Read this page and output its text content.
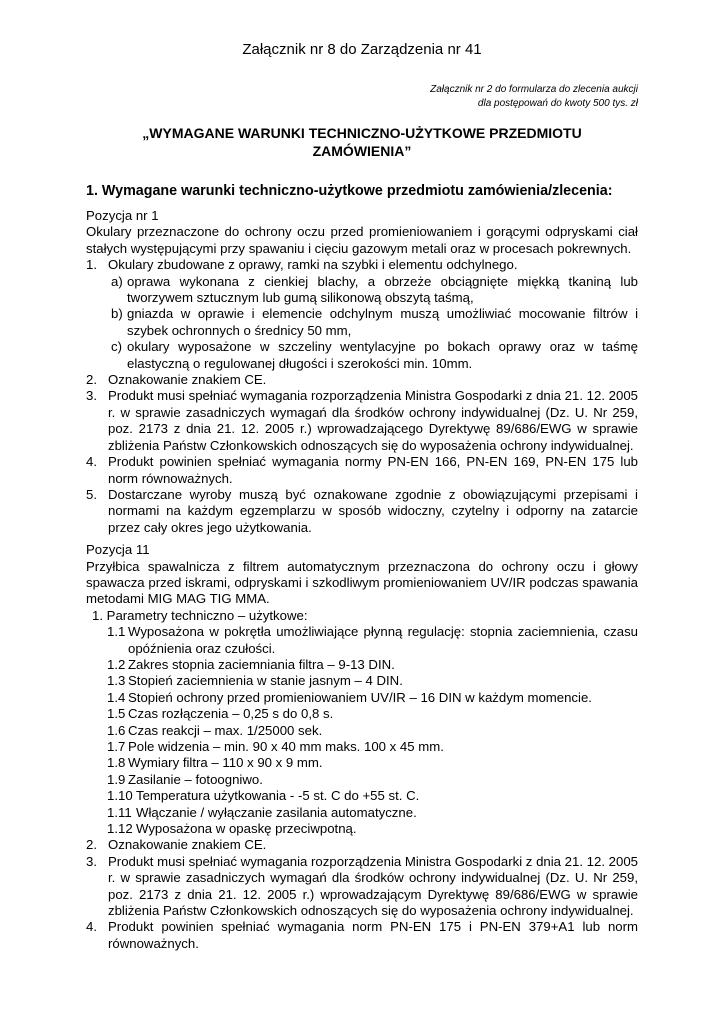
Załącznik nr 8 do Zarządzenia nr 41
Załącznik nr 2 do formularza do zlecenia aukcji
dla postępowań do kwoty 500 tys. zł
„WYMAGANE WARUNKI TECHNICZNO-UŻYTKOWE PRZEDMIOTU
ZAMÓWIENIA”
1. Wymagane warunki techniczno-użytkowe przedmiotu zamówienia/zlecenia:

Pozycja nr 1

Okulary przeznaczone do ochrony oczu przed promieniowaniem i gorącymi odpryskami ciał stałych występującymi przy spawaniu i cięciu gazowym metali oraz w procesach pokrewnych.

1. Okulary zbudowane z oprawy, ramki na szybki i elementu odchylnego.
a) oprawa wykonana z cienkiej blachy, a obrzeże obciągnięte miękką tkaniną lub tworzywem sztucznym lub gumą silikonową obszytą taśmą,
b) gniazda w oprawie i elemencie odchylnym muszą umożliwiać mocowanie filtrów i szybek ochronnych o średnicy 50 mm,
c) okulary wyposażone w szczeliny wentylacyjne po bokach oprawy oraz w taśmę elastyczną o regulowanej długości i szerokości min. 10mm.
2. Oznakowanie znakiem CE.
3. Produkt musi spełniać wymagania rozporządzenia Ministra Gospodarki z dnia 21. 12. 2005 r. w sprawie zasadniczych wymagań dla środków ochrony indywidualnej (Dz. U. Nr 259, poz. 2173 z dnia 21. 12. 2005 r.) wprowadzającego Dyrektywę 89/686/EWG w sprawie zbliżenia Państw Członkowskich odnoszących się do wyposażenia ochrony indywidualnej.
4. Produkt powinien spełniać wymagania normy PN-EN 166, PN-EN 169, PN-EN 175 lub norm równoważnych.
5. Dostarczane wyroby muszą być oznakowane zgodnie z obowiązującymi przepisami i normami na każdym egzemplarzu w sposób widoczny, czytelny i odporny na zatarcie przez cały okres jego użytkowania.

Pozycja 11

Przyłbica spawalnicza z filtrem automatycznym przeznaczona do ochrony oczu i głowy spawacza przed iskrami, odpryskami i szkodliwym promieniowaniem UV/IR podczas spawania metodami MIG MAG TIG MMA.

1. Parametry techniczno – użytkowe:
1.1 Wyposażona w pokrętła umożliwiające płynną regulację: stopnia zaciemnienia, czasu opóźnienia oraz czułości.
1.2 Zakres stopnia zaciemniania filtra – 9-13 DIN.
1.3 Stopień zaciemnienia w stanie jasnym – 4 DIN.
1.4 Stopień ochrony przed promieniowaniem UV/IR – 16 DIN w każdym momencie.
1.5 Czas rozłączenia – 0,25 s do 0,8 s.
1.6 Czas reakcji – max. 1/25000 sek.
1.7 Pole widzenia – min. 90 x 40 mm maks. 100 x 45 mm.
1.8 Wymiary filtra – 110 x 90 x 9 mm.
1.9 Zasilanie – fotoogniwo.
1.10 Temperatura użytkowania - -5 st. C do +55 st. C.
1.11 Włączanie / wyłączanie zasilania automatyczne.
1.12 Wyposażona w opaskę przeciwpotną.
2. Oznakowanie znakiem CE.
3. Produkt musi spełniać wymagania rozporządzenia Ministra Gospodarki z dnia 21. 12. 2005 r. w sprawie zasadniczych wymagań dla środków ochrony indywidualnej (Dz. U. Nr 259, poz. 2173 z dnia 21. 12. 2005 r.) wprowadzającym Dyrektywę 89/686/EWG w sprawie zbliżenia Państw Członkowskich odnoszących się do wyposażenia ochrony indywidualnej.
4. Produkt powinien spełniać wymagania norm PN-EN 175 i PN-EN 379+A1 lub norm równoważnych.
